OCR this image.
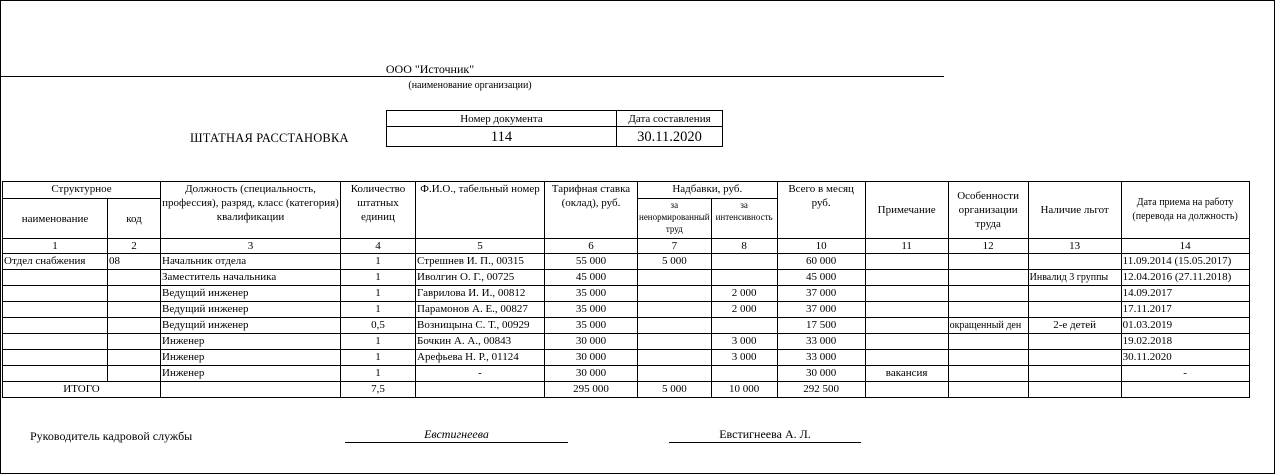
ООО "Источник"
(наименование организации)
ШТАТНАЯ РАССТАНОВКА
Номер документа	Дата составления
114	30.11.2020
Структурное		Должность (специальность, профессия), разряд, класс (категория) квалификации	Количество штатных единиц	Ф.И.О., табельный номер	Тарифная ставка (оклад), руб.	Надбавки, руб.		Всего в месяц руб.	Примечание	Особенности организации труда	Наличие льгот	Дата приема на работу (перевода на должность)
наименование	код					за ненормированный труд	за интенсивность					
1	2	3	4	5	6	7	8	10	11	12	13	14
Отдел снабжения	08	Начальник отдела	1	Стрешнев И. П., 00315	55 000	5 000		60 000				11.09.2014 (15.05.2017)
		Заместитель начальника	1	Иволгин О. Г., 00725	45 000			45 000			Инвалид 3 группы	12.04.2016 (27.11.2018)
		Ведущий инженер	1	Гаврилова И. И., 00812	35 000		2 000	37 000				14.09.2017
		Ведущий инженер	1	Парамонов А. Е., 00827	35 000		2 000	37 000				17.11.2017
		Ведущий инженер	0,5	Вознищына С. Т., 00929	35 000			17 500		окращенный ден	2-е детей	01.03.2019
		Инженер	1	Бочкин А. А., 00843	30 000		3 000	33 000				19.02.2018
		Инженер	1	Арефьева Н. Р., 01124	30 000		3 000	33 000				30.11.2020
		Инженер	1	-	30 000			30 000	вакансия			-
ИТОГО			7,5		295 000	5 000	10 000	292 500				
Руководитель кадровой службы	Евстигнеева	Евстигнеева А. Л.
